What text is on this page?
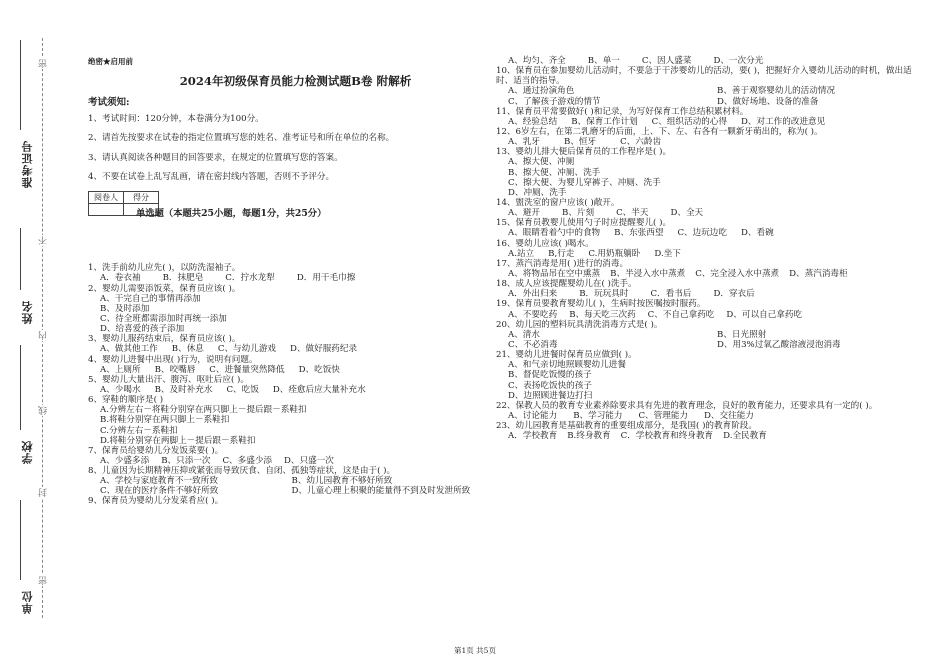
准考证号
姓名
学校
单位
密
不
内
线
封
密
绝密★启用前
2024年初级保育员能力检测试题B卷 附解析
考试须知:

1、考试时间：120分钟，本卷满分为100分。

2、请首先按要求在试卷的指定位置填写您的姓名、准考证号和所在单位的名称。

3、请认真阅读各种题目的回答要求，在规定的位置填写您的答案。

4、不要在试卷上乱写乱画，请在密封线内答题，否则不予评分。

阅卷人	得分

单选题（本题共25小题，每题1分，共25分）
1、洗手前幼儿应先( )，以防洗湿袖子。
A．卷衣袖	B．抹肥皂	C．拧水龙犁	D．用干毛巾擦
2、婴幼儿需要添饭菜，保育员应该( )。
A、干完自己的事情再添加
B、及时添加
C、待全班都需添加时再统一添加
D、给喜爱的孩子添加
3、婴幼儿服药结束后，保育员应该( )。
A、做其他工作 B、休息 C、与幼儿游戏 D、做好服药纪录
4、婴幼儿进餐中出现( )行为，说明有问题。
A、上厕所 B、咬嘴唇 C、进餐量突然降低 D、吃饭快
5、婴幼儿大量出汗、腹泻、呕吐后应( )。
A、少喝水 B、及时补充水 C、吃饭 D、痊愈后应大量补充水
6、穿鞋的顺序是( )
A.分辨左右－将鞋分别穿在两只脚上－提后跟－系鞋扣
B.将鞋分别穿在两只脚上－系鞋扣
C.分辨左右－系鞋扣
D.将鞋分别穿在两脚上－提后跟－系鞋扣
7、保育员给婴幼儿分发饭菜要( )。
A、少盛多添 B、只添一次 C、多盛少添 D、只盛一次
8、儿童因为长期精神压抑或紧张而导致厌食、自闭、孤独等症状，这是由于( )。
A、学校与家庭教育不一致所致	B、幼儿园教育不够好所致
C、现在的医疗条件不够好所致	D、儿童心理上积聚的能量得不到及时发泄所致
9、保育员为婴幼儿分发菜肴应( )。
A、均匀、齐全	B、单一	C、因人盛菜	D、一次分光
10、保育员在参加婴幼儿活动时，不要急于干涉婴幼儿的活动，要( )，把握好介入婴幼儿活动的时机，做出适时、适当的指导。
A、通过扮演角色	B、善于观察婴幼儿的活动情况
C、了解孩子游戏的情节	D、做好场地、设备的准备
11、保育员平常要做好( )和记录，为写好保育工作总结积累材料。
A、经验总结 B、保育工作计划 C、组织活动的心得 D、对工作的改进意见
12、6岁左右，在第二乳磨牙的后面，上、下、左、右各有一颗新牙萌出的，称为( )。
A、乳牙	B、恒牙	C、六龄齿
13、婴幼儿排大便后保育员的工作程序是( )。
A、擦大便、冲厕
B、擦大便、冲厕、洗手
C、擦大便、为婴儿穿裤子、冲厕、洗手
D、冲厕、洗手
14、盥洗室的窗户应该( )敞开。
A、避开	B、片刻	C、半天	D、全天
15、保育员教婴儿使用勺子时应提醒婴儿( )。
A、眼睛看着勺中的食物 B、东张西望 C、边玩边吃 D、看碗
16、婴幼儿应该( )喝水。
A.站立 B,行走 C.用奶瓶躺卧 D.坐下
17、蒸汽消毒是用( )进行的消毒。
A、将物品吊在空中熏蒸 B、半浸入水中蒸煮 C、完全浸入水中蒸煮 D、蒸汽消毒柜
18、成人应该提醒婴幼儿在( )洗手。
A．外出归来	B．玩玩具时	C．看书后	D．穿衣后
19、保育员要教育婴幼儿( )，生病时按医嘱按时服药。
A、不要吃药 B、每天吃三次药 C、不自己拿药吃 D、可以自己拿药吃
20、幼儿园的塑料玩具清洗消毒方式是( )。
A、清水	B、日光照射
C、不必消毒	D、用3%过氧乙酸溶液浸泡消毒
21、婴幼儿进餐时保育员应做到( )。
A、和气亲切地照顾婴幼儿进餐
B、督促吃饭慢的孩子
C、表扬吃饭快的孩子
D、边照顾进餐边打扫
22、保教人员的教育专业素养除要求具有先进的教育理念，良好的教育能力，还要求具有一定的( )。
A、讨论能力 B、学习能力 C、管理能力 D、交往能力
23、幼儿园教育是基础教育的重要组成部分，是我国( )的教育阶段。
A．学校教育 B.终身教育 C．学校教育和终身教育 D.全民教育
第1页 共5页
